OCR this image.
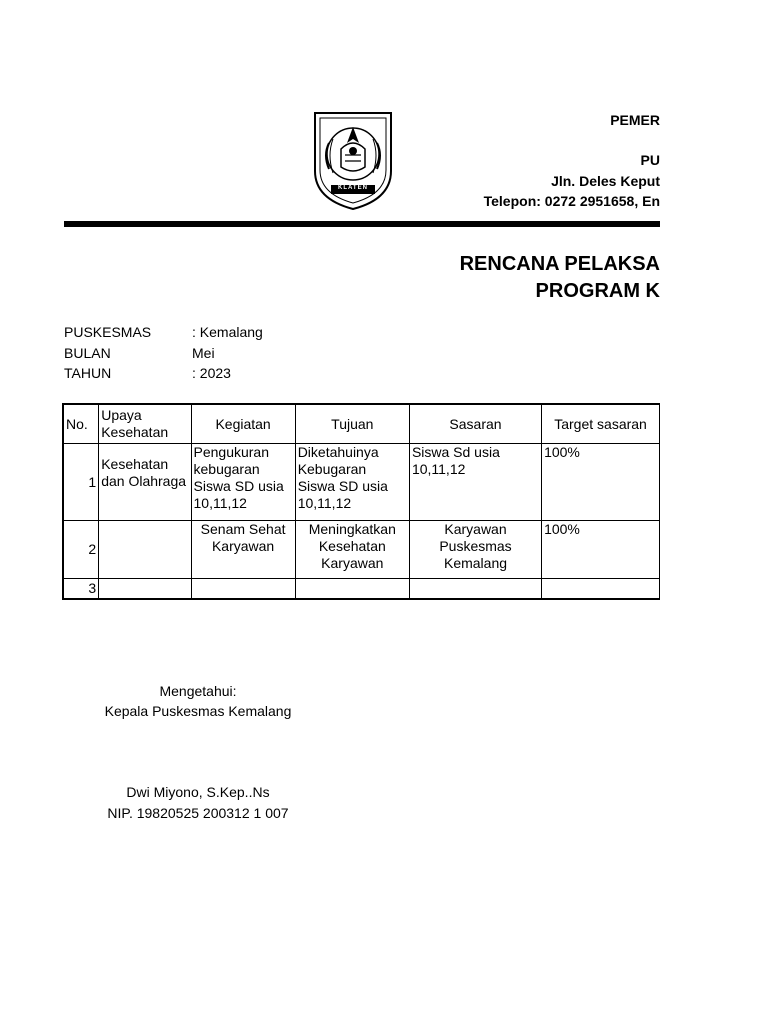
KLATEN
PEMER
PU
Jln. Deles Keput
Telepon: 0272 2951658, En
RENCANA PELAKSA
PROGRAM K
PUSKESMAS	: Kemalang
BULAN	Mei
TAHUN	: 2023
No.	Upaya Kesehatan	Kegiatan	Tujuan	Sasaran	Target sasaran
1	Kesehatan dan Olahraga	Pengukuran kebugaran Siswa SD usia 10,11,12	Diketahuinya Kebugaran Siswa SD usia 10,11,12	Siswa Sd usia 10,11,12	100%
2		Senam Sehat Karyawan	Meningkatkan Kesehatan Karyawan	Karyawan Puskesmas Kemalang	100%
3					
Mengetahui:
Kepala Puskesmas Kemalang
Dwi Miyono, S.Kep..Ns
NIP. 19820525 200312 1 007
